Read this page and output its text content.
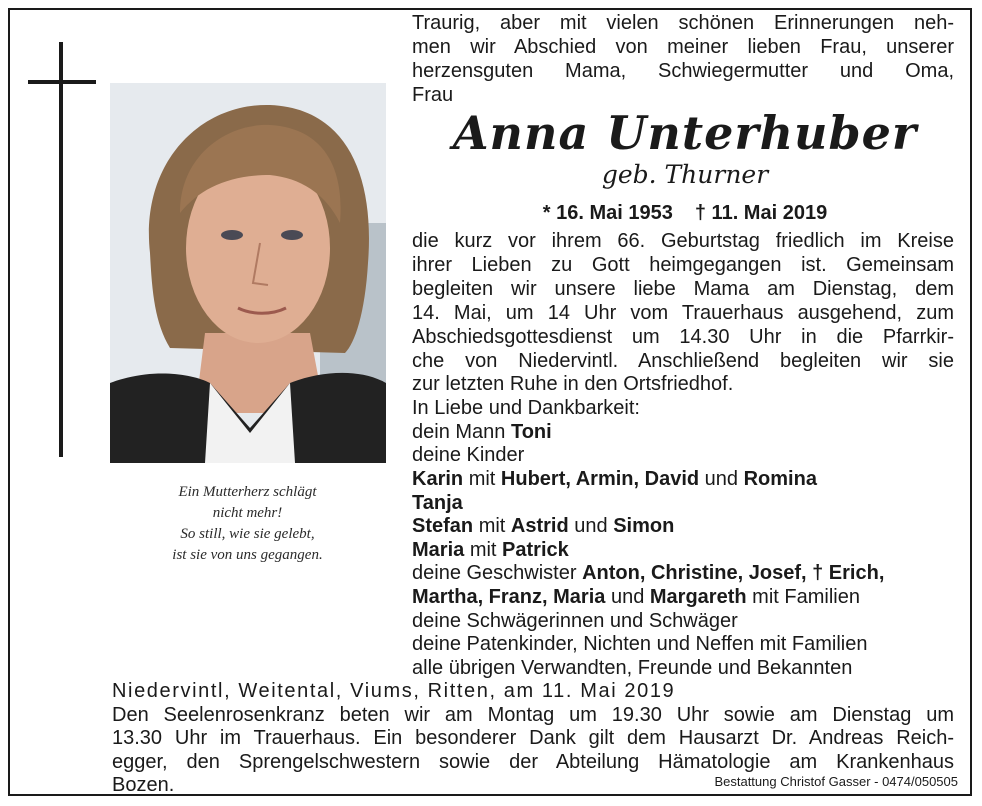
Ein Mutterherz schlägt
nicht mehr!
So still, wie sie gelebt,
ist sie von uns gegangen.
Traurig, aber mit vielen schönen Erinnerungen neh-
men wir Abschied von meiner lieben Frau, unserer
herzensguten Mama, Schwiegermutter und Oma,
Frau
Anna Unterhuber
geb. Thurner
* 16. Mai 1953 † 11. Mai 2019
die kurz vor ihrem 66. Geburtstag friedlich im Kreise
ihrer Lieben zu Gott heimgegangen ist. Gemeinsam
begleiten wir unsere liebe Mama am Dienstag, dem
14. Mai, um 14 Uhr vom Trauerhaus ausgehend, zum
Abschiedsgottesdienst um 14.30 Uhr in die Pfarrkir-
che von Niedervintl. Anschließend begleiten wir sie
zur letzten Ruhe in den Ortsfriedhof.
In Liebe und Dankbarkeit:
dein Mann Toni
deine Kinder
Karin mit Hubert, Armin, David und Romina
Tanja
Stefan mit Astrid und Simon
Maria mit Patrick
deine Geschwister Anton, Christine, Josef, † Erich,
Martha, Franz, Maria und Margareth mit Familien
deine Schwägerinnen und Schwäger
deine Patenkinder, Nichten und Neffen mit Familien
alle übrigen Verwandten, Freunde und Bekannten
Niedervintl, Weitental, Viums, Ritten, am 11. Mai 2019
Den Seelenrosenkranz beten wir am Montag um 19.30 Uhr sowie am Dienstag um
13.30 Uhr im Trauerhaus. Ein besonderer Dank gilt dem Hausarzt Dr. Andreas Reich-
egger, den Sprengelschwestern sowie der Abteilung Hämatologie am Krankenhaus
Bozen.	Bestattung Christof Gasser - 0474/050505
